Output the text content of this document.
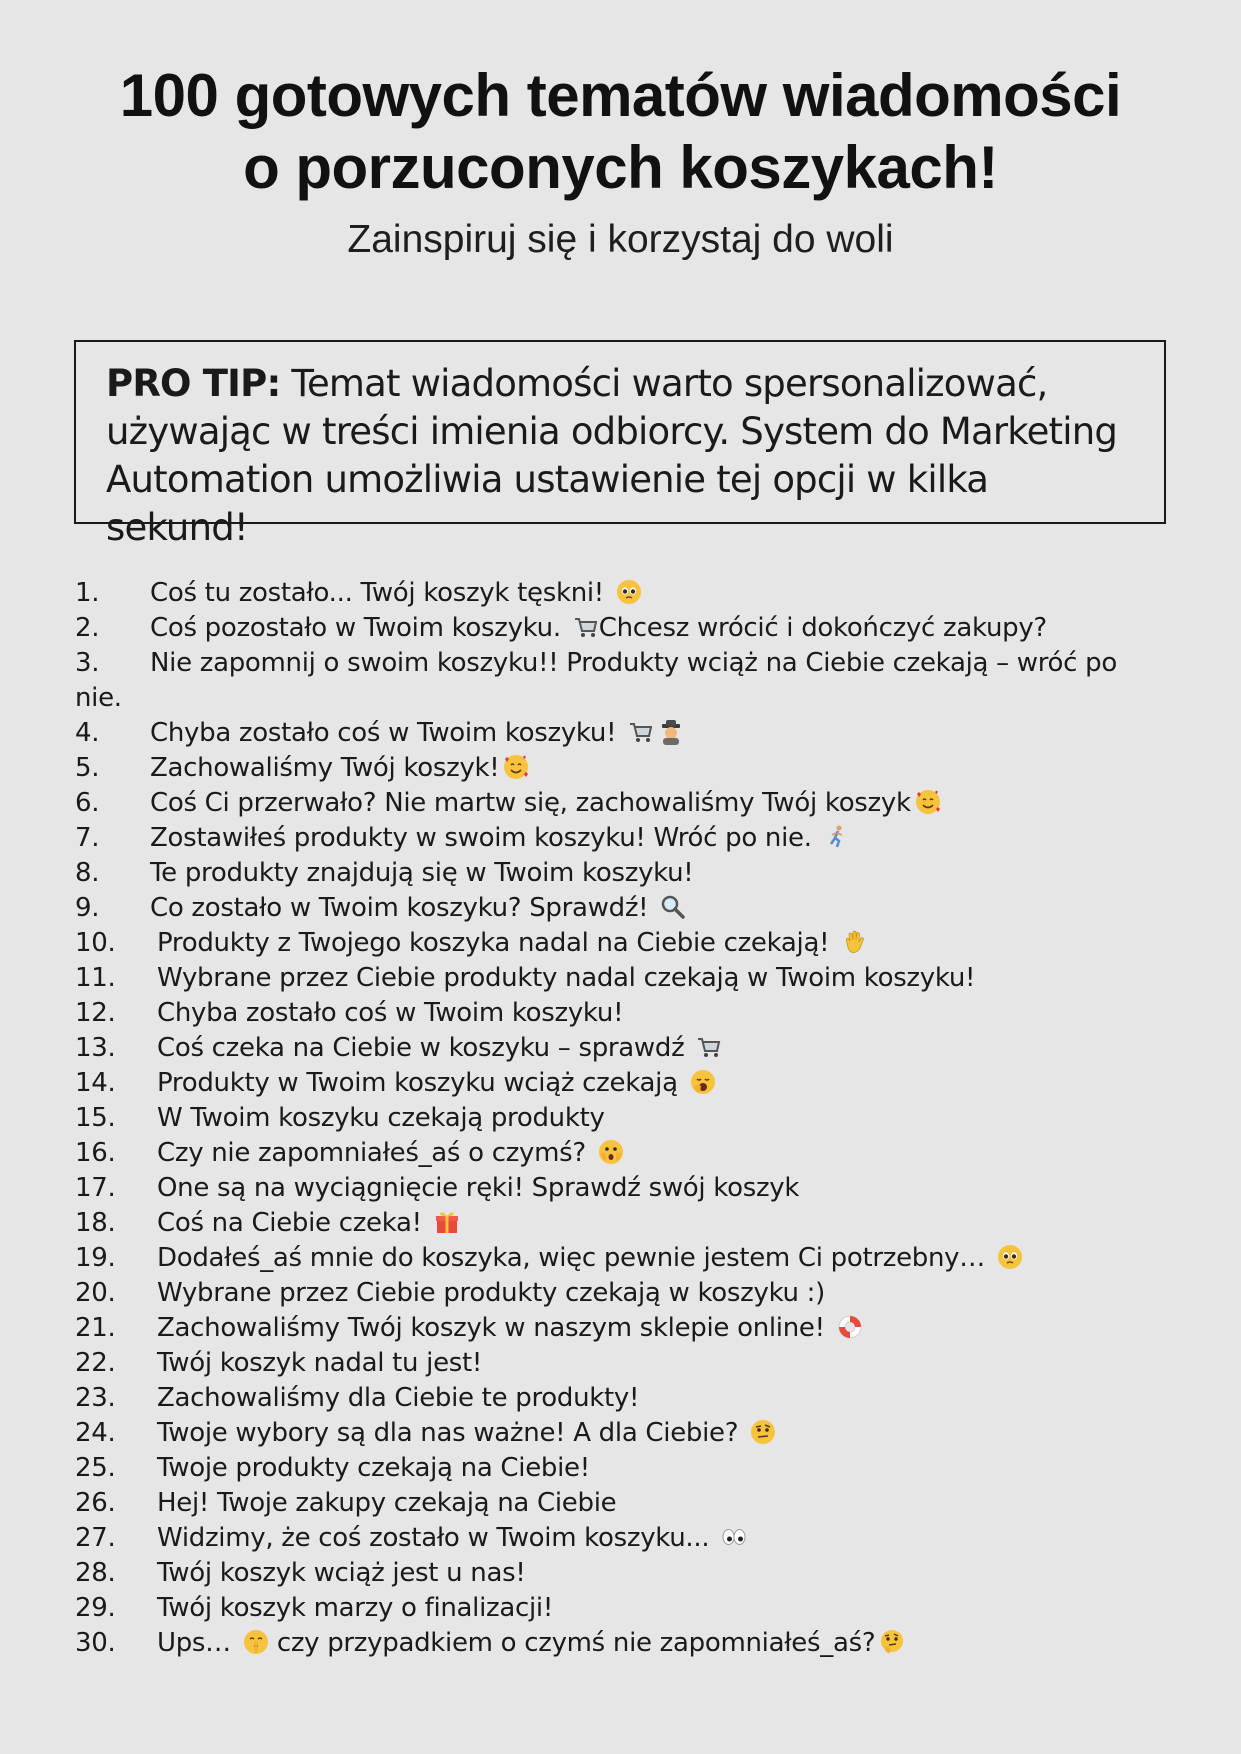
100 gotowych tematów wiadomości
o porzuconych koszykach!

Zainspiruj się i korzystaj do woli

PRO TIP: Temat wiadomości warto spersonalizować, używając w treści imienia odbiorcy. System do Marketing Automation umożliwia ustawienie tej opcji w kilka sekund!
1. Coś tu zostało... Twój koszyk tęskni!
2. Coś pozostało w Twoim koszyku. Chcesz wrócić i dokończyć zakupy?
3. Nie zapomnij o swoim koszyku!! Produkty wciąż na Ciebie czekają – wróć po nie.
4. Chyba zostało coś w Twoim koszyku!
5. Zachowaliśmy Twój koszyk!
6. Coś Ci przerwało? Nie martw się, zachowaliśmy Twój koszyk
7. Zostawiłeś produkty w swoim koszyku! Wróć po nie.
8. Te produkty znajdują się w Twoim koszyku!
9. Co zostało w Twoim koszyku? Sprawdź!
10. Produkty z Twojego koszyka nadal na Ciebie czekają!
11. Wybrane przez Ciebie produkty nadal czekają w Twoim koszyku!
12. Chyba zostało coś w Twoim koszyku!
13. Coś czeka na Ciebie w koszyku – sprawdź
14. Produkty w Twoim koszyku wciąż czekają
15. W Twoim koszyku czekają produkty
16. Czy nie zapomniałeś_aś o czymś?
17. One są na wyciągnięcie ręki! Sprawdź swój koszyk
18. Coś na Ciebie czeka!
19. Dodałeś_aś mnie do koszyka, więc pewnie jestem Ci potrzebny…
20. Wybrane przez Ciebie produkty czekają w koszyku :)
21. Zachowaliśmy Twój koszyk w naszym sklepie online!
22. Twój koszyk nadal tu jest!
23. Zachowaliśmy dla Ciebie te produkty!
24. Twoje wybory są dla nas ważne! A dla Ciebie?
25. Twoje produkty czekają na Ciebie!
26. Hej! Twoje zakupy czekają na Ciebie
27. Widzimy, że coś zostało w Twoim koszyku...
28. Twój koszyk wciąż jest u nas!
29. Twój koszyk marzy o finalizacji!
30. Ups…  czy przypadkiem o czymś nie zapomniałeś_aś?
